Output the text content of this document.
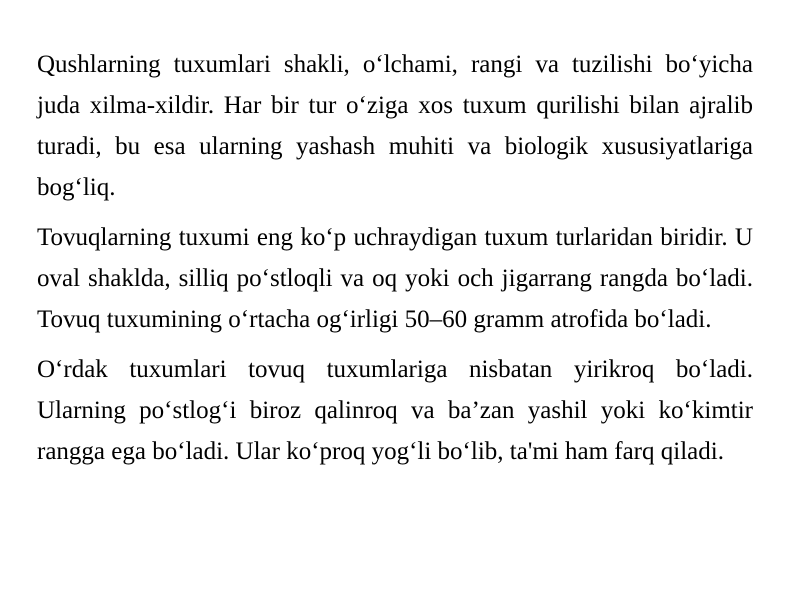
Qushlarning tuxumlari shakli, o‘lchami, rangi va tuzilishi bo‘yicha juda xilma-xildir. Har bir tur o‘ziga xos tuxum qurilishi bilan ajralib turadi, bu esa ularning yashash muhiti va biologik xususiyatlariga bog‘liq.

Tovuqlarning tuxumi eng ko‘p uchraydigan tuxum turlaridan biridir. U oval shaklda, silliq po‘stloqli va oq yoki och jigarrang rangda bo‘ladi. Tovuq tuxumining o‘rtacha og‘irligi 50–60 gramm atrofida bo‘ladi.

O‘rdak tuxumlari tovuq tuxumlariga nisbatan yirikroq bo‘ladi. Ularning po‘stlog‘i biroz qalinroq va ba’zan yashil yoki ko‘kimtir rangga ega bo‘ladi. Ular ko‘proq yog‘li bo‘lib, ta'mi ham farq qiladi.
